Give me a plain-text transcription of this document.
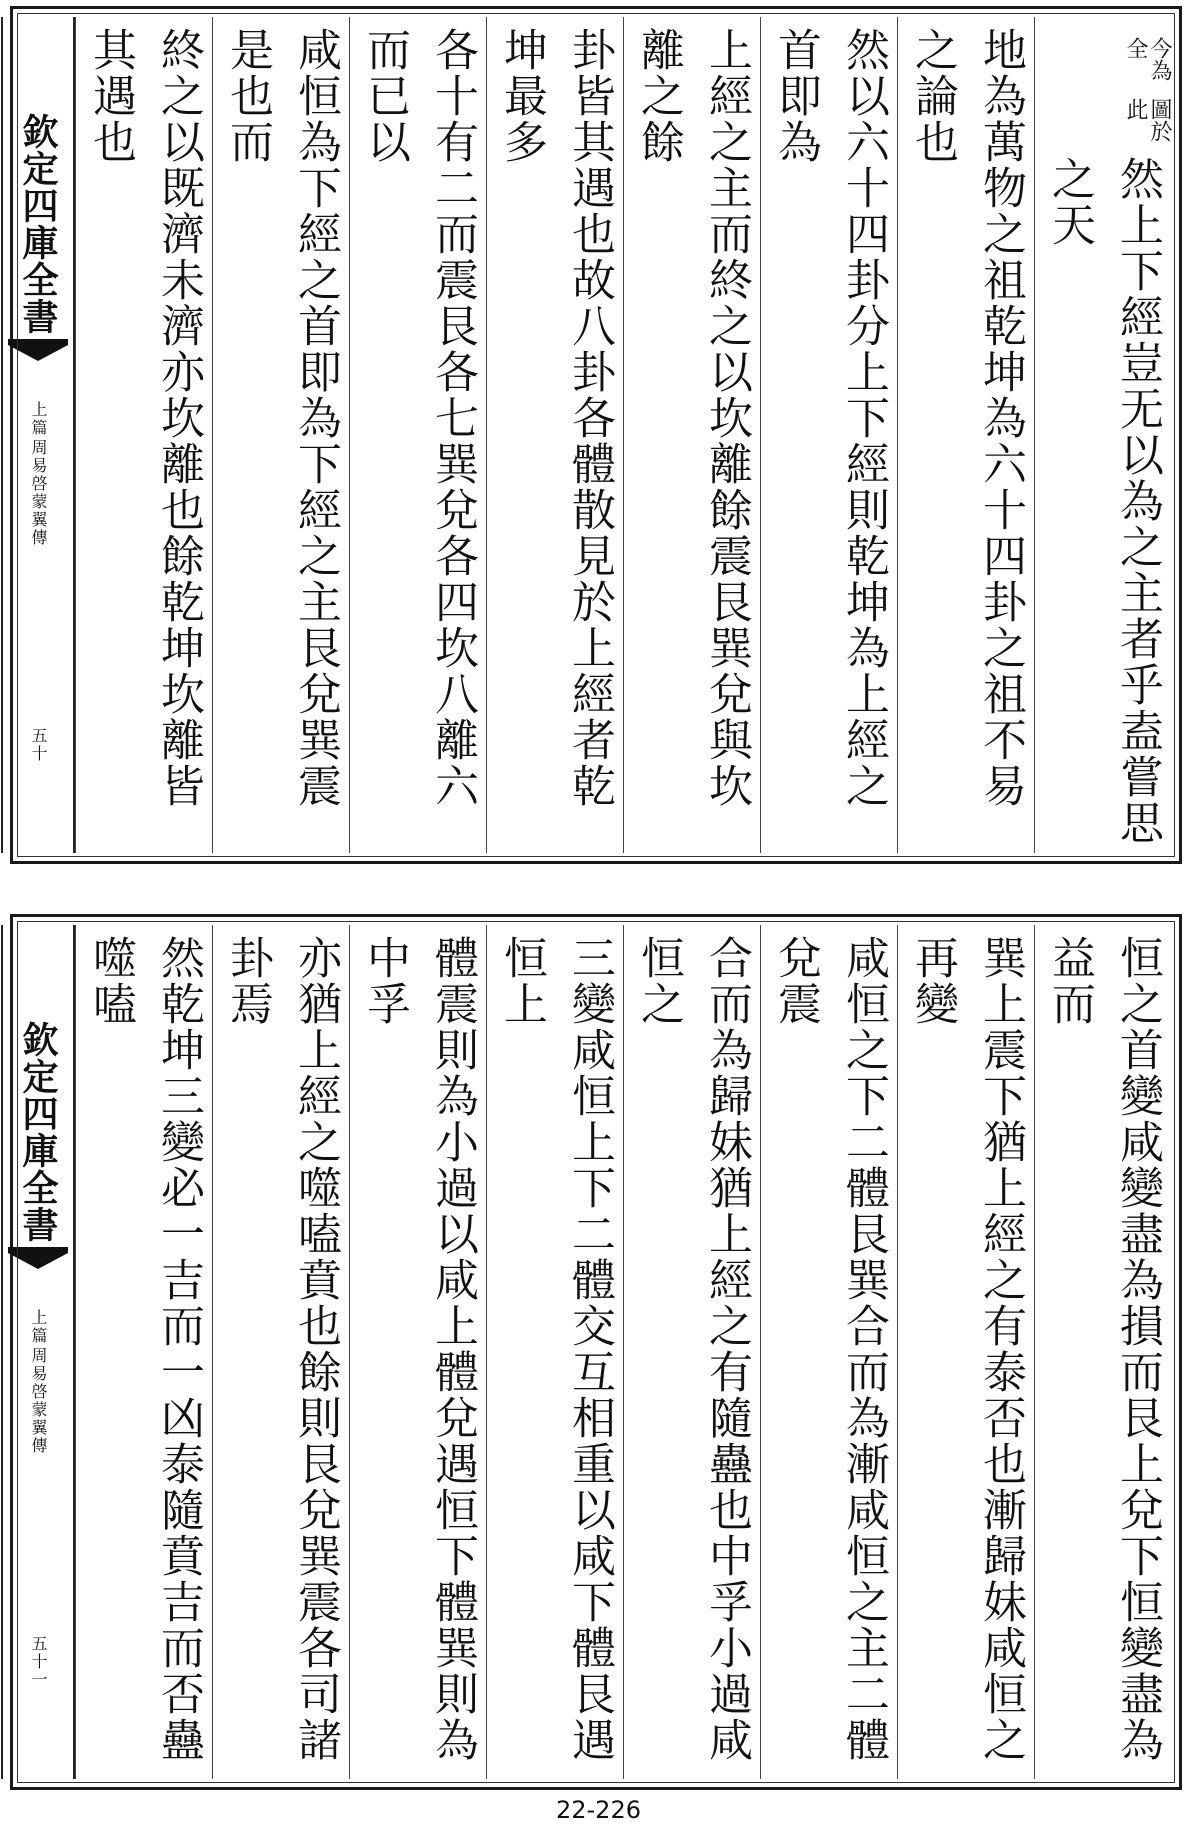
今為全
圖於此
然上下經豈无以為之主者乎盍嘗思之天
地為萬物之祖乾坤為六十四卦之祖不易之論也
然以六十四卦分上下經則乾坤為上經之首即為
上經之主而終之以坎離餘震艮巽兌與坎離之餘
卦皆其遇也故八卦各體散見於上經者乾坤最多
各十有二而震艮各七巽兌各四坎八離六而已以
咸恒為下經之首即為下經之主艮兌巽震是也而
終之以既濟未濟亦坎離也餘乾坤坎離皆其遇也
欽定四庫全書
周易啓蒙翼傳
上篇
五十
恒之首變咸變盡為損而艮上兌下恒變盡為益而
巽上震下猶上經之有泰否也漸歸妹咸恒之再變
咸恒之下二體艮巽合而為漸咸恒之主二體兌震
合而為歸妹猶上經之有隨蠱也中孚小過咸恒之
三變咸恒上下二體交互相重以咸下體艮遇恒上
體震則為小過以咸上體兌遇恒下體巽則為中孚
亦猶上經之噬嗑賁也餘則艮兌巽震各司諸卦焉
然乾坤三變必一吉而一凶泰隨賁吉而否蠱噬嗑
欽定四庫全書
周易啓蒙翼傳
上篇
五十一
22-226
